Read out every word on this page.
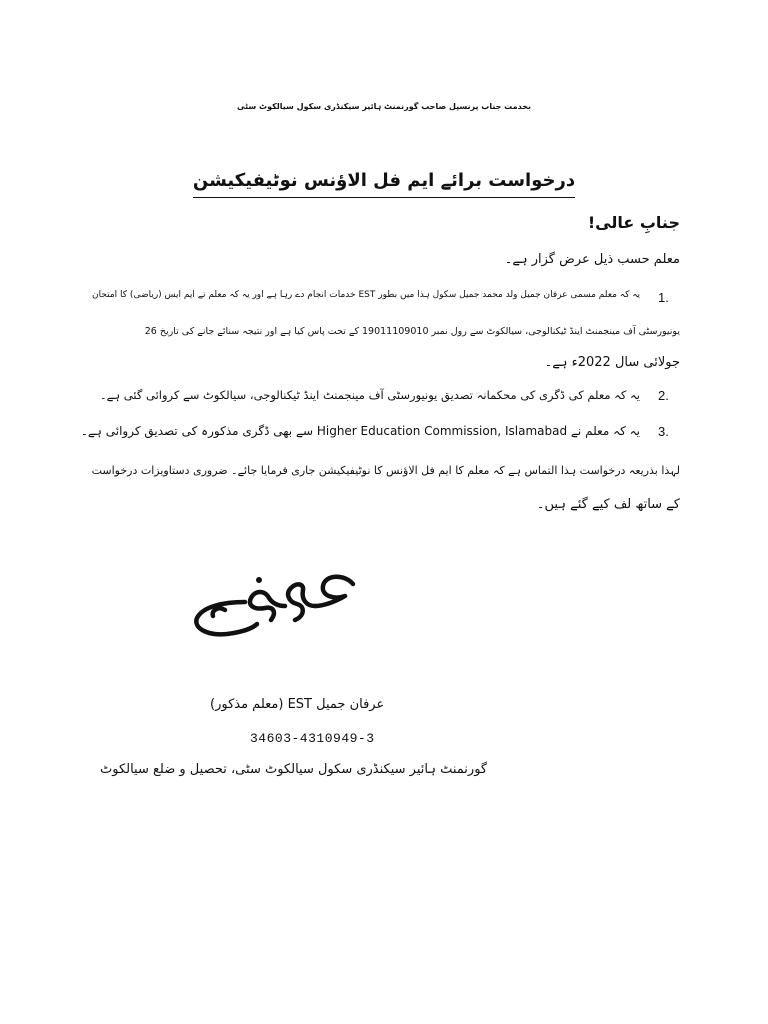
بخدمت جناب پرنسپل صاحب گورنمنٹ ہائیر سیکنڈری سکول سیالکوٹ سٹی
درخواست برائے ایم فل الاؤنس نوٹیفیکیشن
جنابِ عالی!
معلم حسب ذیل عرض گزار ہے۔
1.
یہ کہ معلم مسمی عرفان جمیل ولد محمد جمیل سکول ہذا میں بطور EST خدمات انجام دے رہا ہے اور یہ کہ معلم نے ایم ایس (ریاضی) کا امتحان
یونیورسٹی آف مینجمنٹ اینڈ ٹیکنالوجی، سیالکوٹ سے رول نمبر 19011109010 کے تحت پاس کیا ہے اور نتیجہ سنائے جانے کی تاریخ 26
جولائی سال 2022ء ہے۔
2.
یہ کہ معلم کی ڈگری کی محکمانہ تصدیق یونیورسٹی آف مینجمنٹ اینڈ ٹیکنالوجی، سیالکوٹ سے کروائی گئی ہے۔
3.
یہ کہ معلم نے Higher Education Commission, Islamabad سے بھی ڈگری مذکورہ کی تصدیق کروائی ہے۔
لہذا بذریعہ درخواست ہذا التماس ہے کہ معلم کا ایم فل الاؤنس کا نوٹیفیکیشن جاری فرمایا جائے۔ ضروری دستاویزات درخواست
کے ساتھ لف کیے گئے ہیں۔
عرفان جمیل EST (معلم مذکور)
34603-4310949-3
گورنمنٹ ہائیر سیکنڈری سکول سیالکوٹ سٹی، تحصیل و ضلع سیالکوٹ
